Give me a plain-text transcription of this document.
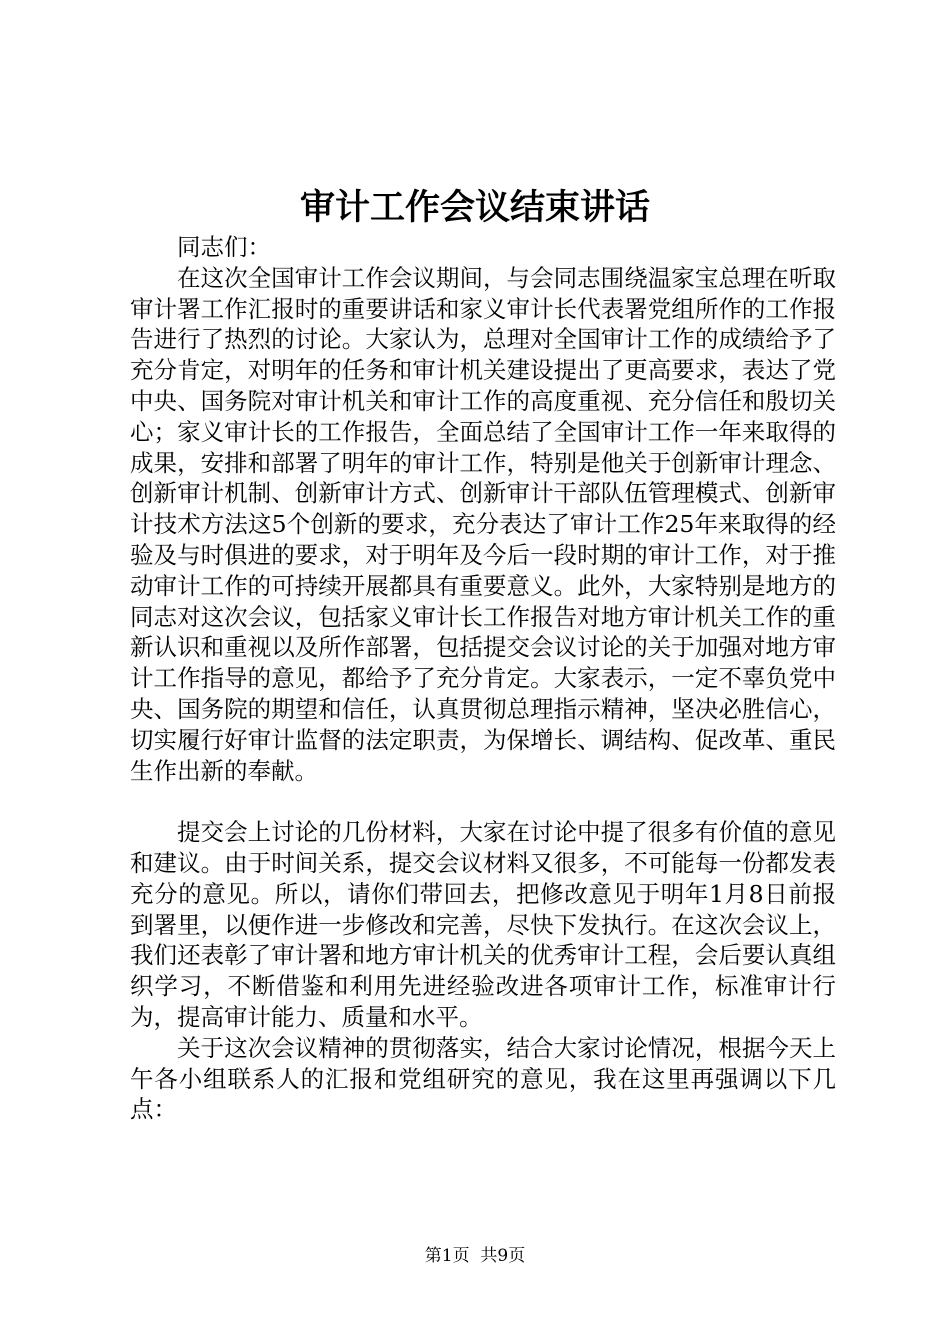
审计工作会议结束讲话

同志们：

在这次全国审计工作会议期间，与会同志围绕温家宝总理在听取审计署工作汇报时的重要讲话和家义审计长代表署党组所作的工作报告进行了热烈的讨论。大家认为，总理对全国审计工作的成绩给予了充分肯定，对明年的任务和审计机关建设提出了更高要求，表达了党中央、国务院对审计机关和审计工作的高度重视、充分信任和殷切关心；家义审计长的工作报告，全面总结了全国审计工作一年来取得的成果，安排和部署了明年的审计工作，特别是他关于创新审计理念、创新审计机制、创新审计方式、创新审计干部队伍管理模式、创新审计技术方法这5个创新的要求，充分表达了审计工作25年来取得的经验及与时俱进的要求，对于明年及今后一段时期的审计工作，对于推动审计工作的可持续开展都具有重要意义。此外，大家特别是地方的同志对这次会议，包括家义审计长工作报告对地方审计机关工作的重新认识和重视以及所作部署，包括提交会议讨论的关于加强对地方审计工作指导的意见，都给予了充分肯定。大家表示，一定不辜负党中央、国务院的期望和信任，认真贯彻总理指示精神，坚决必胜信心，切实履行好审计监督的法定职责，为保增长、调结构、促改革、重民生作出新的奉献。

提交会上讨论的几份材料，大家在讨论中提了很多有价值的意见和建议。由于时间关系，提交会议材料又很多，不可能每一份都发表充分的意见。所以，请你们带回去，把修改意见于明年1月8日前报到署里，以便作进一步修改和完善，尽快下发执行。在这次会议上，我们还表彰了审计署和地方审计机关的优秀审计工程，会后要认真组织学习，不断借鉴和利用先进经验改进各项审计工作，标准审计行为，提高审计能力、质量和水平。

关于这次会议精神的贯彻落实，结合大家讨论情况，根据今天上午各小组联系人的汇报和党组研究的意见，我在这里再强调以下几点：

第1页  共9页
